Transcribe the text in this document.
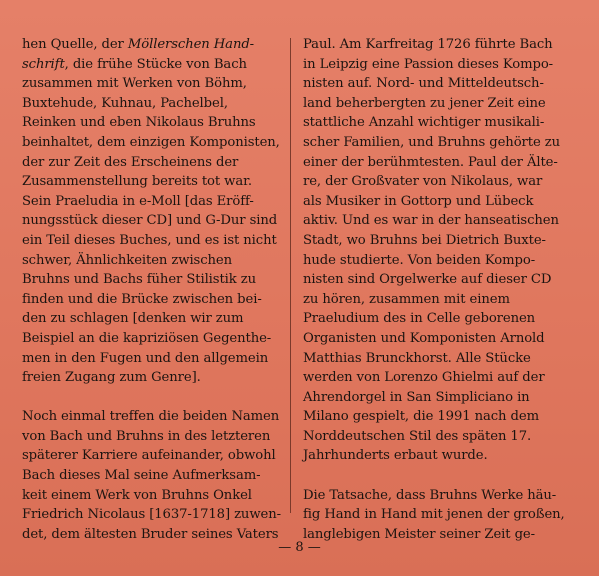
hen Quelle, der Möllerschen Hand-
schrift, die frühe Stücke von Bach
zusammen mit Werken von Böhm,
Buxtehude, Kuhnau, Pachelbel,
Reinken und eben Nikolaus Bruhns
beinhaltet, dem einzigen Komponisten,
der zur Zeit des Erscheinens der
Zusammenstellung bereits tot war.
Sein Praeludia in e-Moll [das Eröff-
nungsstück dieser CD] und G-Dur sind
ein Teil dieses Buches, und es ist nicht
schwer, Ähnlichkeiten zwischen
Bruhns und Bachs füher Stilistik zu
finden und die Brücke zwischen bei-
den zu schlagen [denken wir zum
Beispiel an die kapriziösen Gegenthe-
men in den Fugen und den allgemein
freien Zugang zum Genre].
Noch einmal treffen die beiden Namen
von Bach und Bruhns in des letzteren
späterer Karriere aufeinander, obwohl
Bach dieses Mal seine Aufmerksam-
keit einem Werk von Bruhns Onkel
Friedrich Nicolaus [1637-1718] zuwen-
det, dem ältesten Bruder seines Vaters
Paul. Am Karfreitag 1726 führte Bach
in Leipzig eine Passion dieses Kompo-
nisten auf. Nord- und Mitteldeutsch-
land beherbergten zu jener Zeit eine
stattliche Anzahl wichtiger musikali-
scher Familien, und Bruhns gehörte zu
einer der berühmtesten. Paul der Älte-
re, der Großvater von Nikolaus, war
als Musiker in Gottorp und Lübeck
aktiv. Und es war in der hanseatischen
Stadt, wo Bruhns bei Dietrich Buxte-
hude studierte. Von beiden Kompo-
nisten sind Orgelwerke auf dieser CD
zu hören, zusammen mit einem
Praeludium des in Celle geborenen
Organisten und Komponisten Arnold
Matthias Brunckhorst. Alle Stücke
werden von Lorenzo Ghielmi auf der
Ahrendorgel in San Simpliciano in
Milano gespielt, die 1991 nach dem
Norddeutschen Stil des späten 17.
Jahrhunderts erbaut wurde.
Die Tatsache, dass Bruhns Werke häu-
fig Hand in Hand mit jenen der großen,
langlebigen Meister seiner Zeit ge-
— 8 —
